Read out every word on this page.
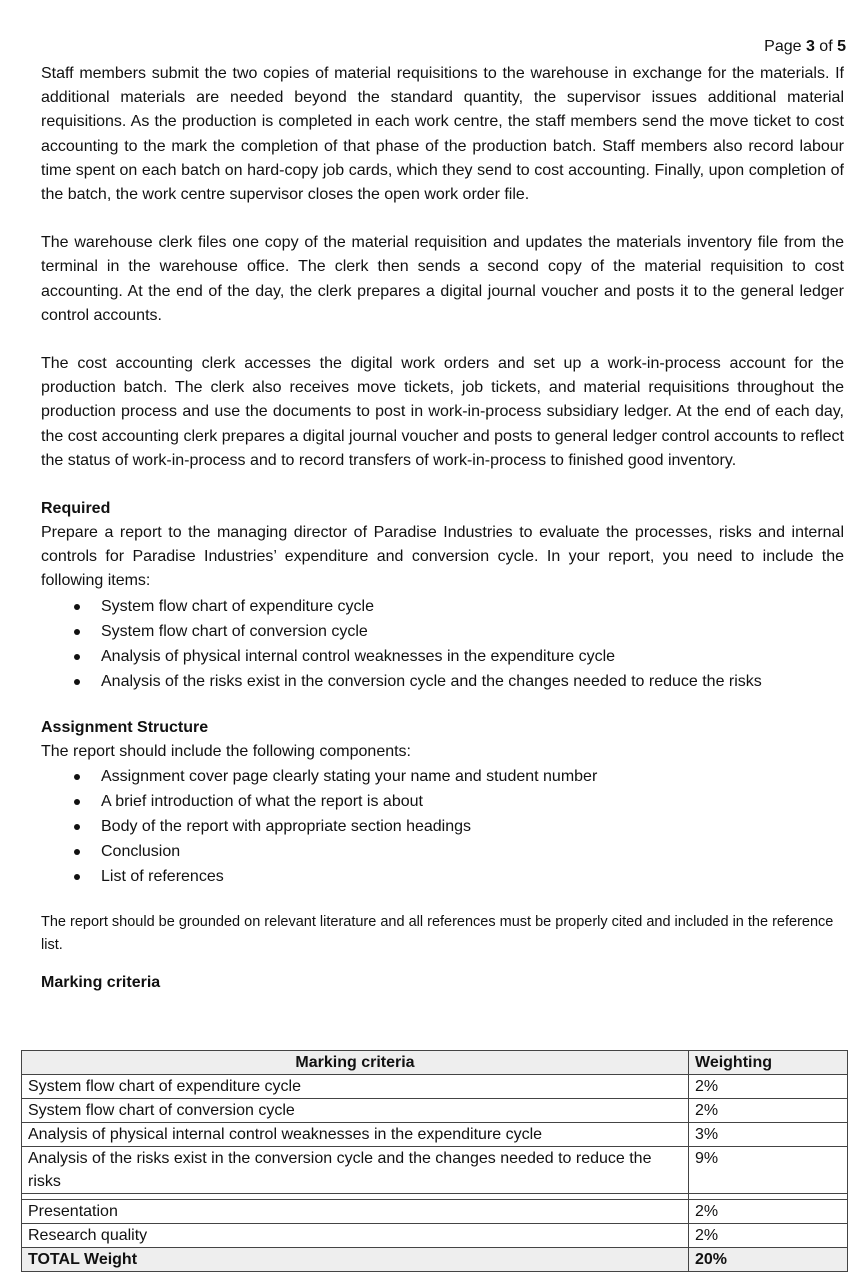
Page 3 of 5

Staff members submit the two copies of material requisitions to the warehouse in exchange for the materials. If additional materials are needed beyond the standard quantity, the supervisor issues additional material requisitions. As the production is completed in each work centre, the staff members send the move ticket to cost accounting to the mark the completion of that phase of the production batch. Staff members also record labour time spent on each batch on hard-copy job cards, which they send to cost accounting. Finally, upon completion of the batch, the work centre supervisor closes the open work order file.

The warehouse clerk files one copy of the material requisition and updates the materials inventory file from the terminal in the warehouse office. The clerk then sends a second copy of the material requisition to cost accounting. At the end of the day, the clerk prepares a digital journal voucher and posts it to the general ledger control accounts.

The cost accounting clerk accesses the digital work orders and set up a work-in-process account for the production batch. The clerk also receives move tickets, job tickets, and material requisitions throughout the production process and use the documents to post in work-in-process subsidiary ledger. At the end of each day, the cost accounting clerk prepares a digital journal voucher and posts to general ledger control accounts to reflect the status of work-in-process and to record transfers of work-in-process to finished good inventory.

Required

Prepare a report to the managing director of Paradise Industries to evaluate the processes, risks and internal controls for Paradise Industries’ expenditure and conversion cycle. In your report, you need to include the following items:

System flow chart of expenditure cycle
System flow chart of conversion cycle
Analysis of physical internal control weaknesses in the expenditure cycle
Analysis of the risks exist in the conversion cycle and the changes needed to reduce the risks

Assignment Structure

The report should include the following components:

Assignment cover page clearly stating your name and student number
A brief introduction of what the report is about
Body of the report with appropriate section headings
Conclusion
List of references

The report should be grounded on relevant literature and all references must be properly cited and included in the reference list.

Marking criteria

Marking criteria	Weighting
System flow chart of expenditure cycle	2%
System flow chart of conversion cycle	2%
Analysis of physical internal control weaknesses in the expenditure cycle	3%
Analysis of the risks exist in the conversion cycle and the changes needed to reduce the risks	9%

Presentation	2%
Research quality	2%
TOTAL Weight	20%
